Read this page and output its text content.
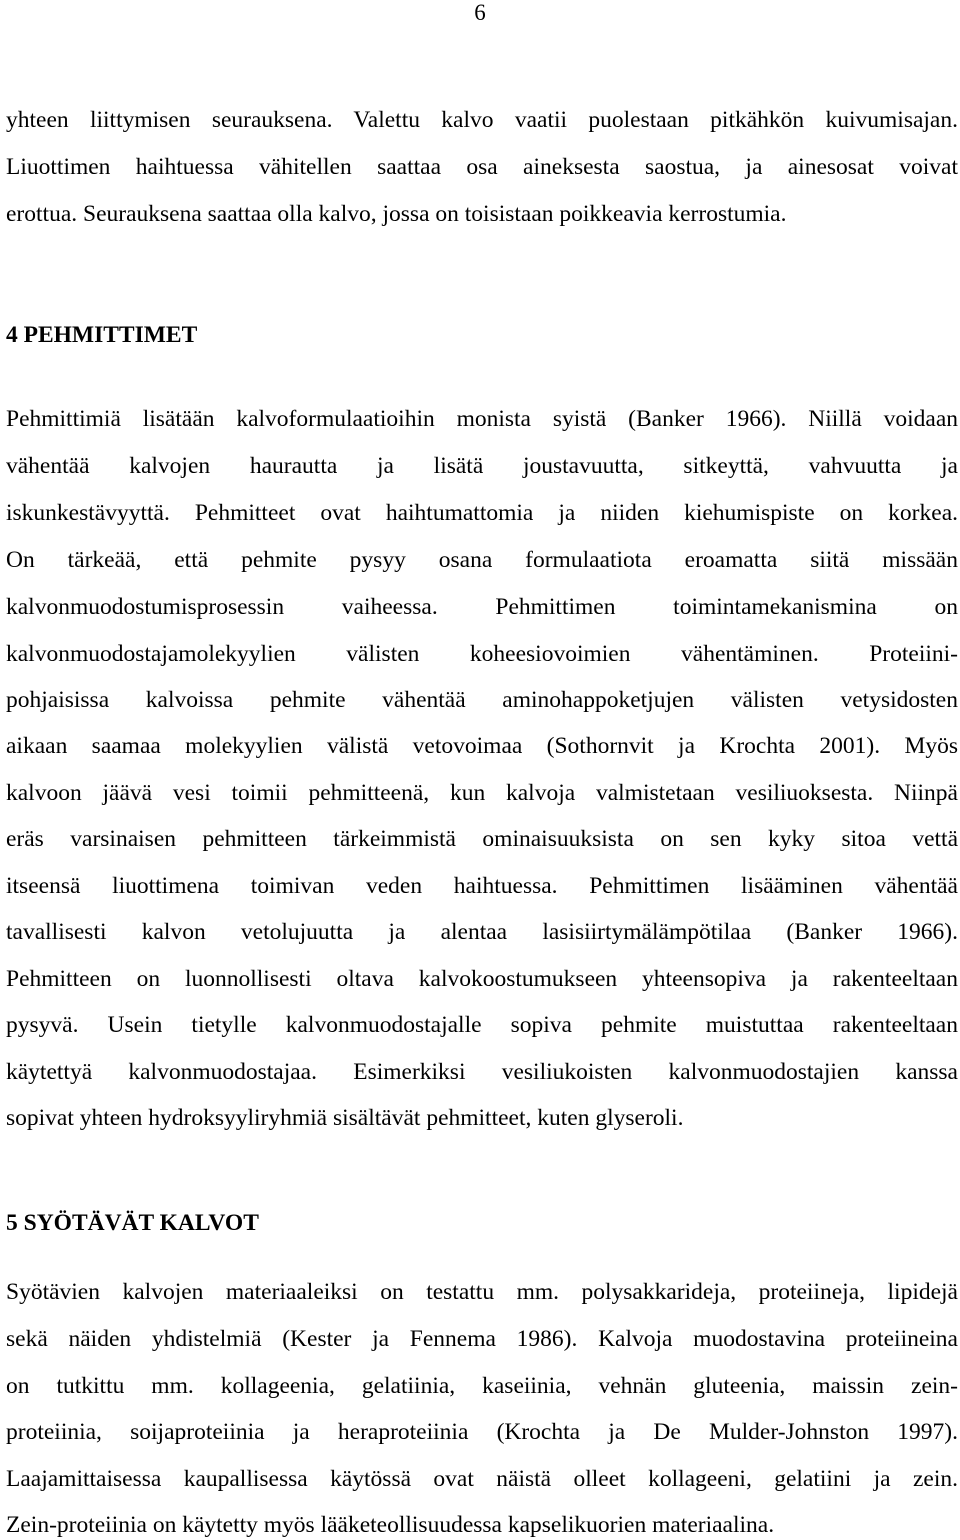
6
yhteen liittymisen seurauksena. Valettu kalvo vaatii puolestaan pitkähkön kuivumisajan.
Liuottimen haihtuessa vähitellen saattaa osa aineksesta saostua, ja ainesosat voivat
erottua. Seurauksena saattaa olla kalvo, jossa on toisistaan poikkeavia kerrostumia.
4 PEHMITTIMET
Pehmittimiä lisätään kalvoformulaatioihin monista syistä (Banker 1966). Niillä voidaan
vähentää kalvojen haurautta ja lisätä joustavuutta, sitkeyttä, vahvuutta ja
iskunkestävyyttä. Pehmitteet ovat haihtumattomia ja niiden kiehumispiste on korkea.
On tärkeää, että pehmite pysyy osana formulaatiota eroamatta siitä missään
kalvonmuodostumisprosessin vaiheessa. Pehmittimen toimintamekanismina on
kalvonmuodostajamolekyylien välisten koheesiovoimien vähentäminen. Proteiini-
pohjaisissa kalvoissa pehmite vähentää aminohappoketjujen välisten vetysidosten
aikaan saamaa molekyylien välistä vetovoimaa (Sothornvit ja Krochta 2001). Myös
kalvoon jäävä vesi toimii pehmitteenä, kun kalvoja valmistetaan vesiliuoksesta. Niinpä
eräs varsinaisen pehmitteen tärkeimmistä ominaisuuksista on sen kyky sitoa vettä
itseensä liuottimena toimivan veden haihtuessa. Pehmittimen lisääminen vähentää
tavallisesti kalvon vetolujuutta ja alentaa lasisiirtymälämpötilaa (Banker 1966).
Pehmitteen on luonnollisesti oltava kalvokoostumukseen yhteensopiva ja rakenteeltaan
pysyvä. Usein tietylle kalvonmuodostajalle sopiva pehmite muistuttaa rakenteeltaan
käytettyä kalvonmuodostajaa. Esimerkiksi vesiliukoisten kalvonmuodostajien kanssa
sopivat yhteen hydroksyyliryhmiä sisältävät pehmitteet, kuten glyseroli.
5 SYÖTÄVÄT KALVOT
Syötävien kalvojen materiaaleiksi on testattu mm. polysakkarideja, proteiineja, lipidejä
sekä näiden yhdistelmiä (Kester ja Fennema 1986). Kalvoja muodostavina proteiineina
on tutkittu mm. kollageenia, gelatiinia, kaseiinia, vehnän gluteenia, maissin zein-
proteiinia, soijaproteiinia ja heraproteiinia (Krochta ja De Mulder-Johnston 1997).
Laajamittaisessa kaupallisessa käytössä ovat näistä olleet kollageeni, gelatiini ja zein.
Zein-proteiinia on käytetty myös lääketeollisuudessa kapselikuorien materiaalina.
